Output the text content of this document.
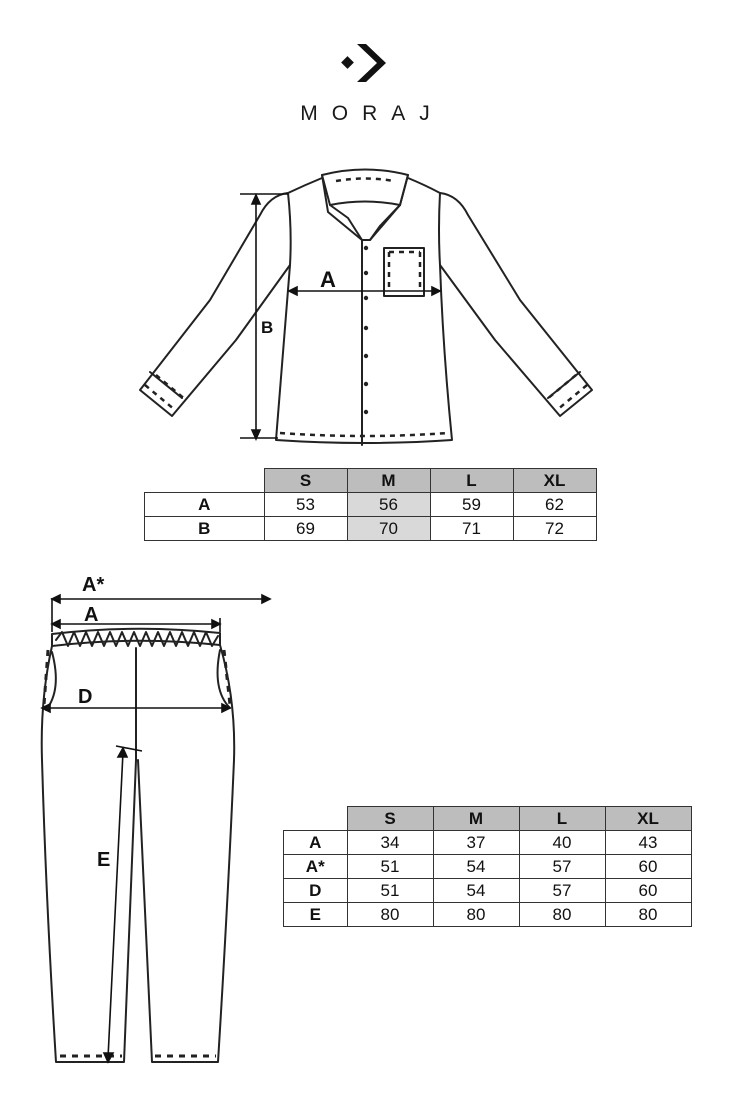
MORAJ
A
B
A*
A
D
E
	S	M	L	XL
A	53	56	59	62
B	69	70	71	72
	S	M	L	XL
A	34	37	40	43
A*	51	54	57	60
D	51	54	57	60
E	80	80	80	80
